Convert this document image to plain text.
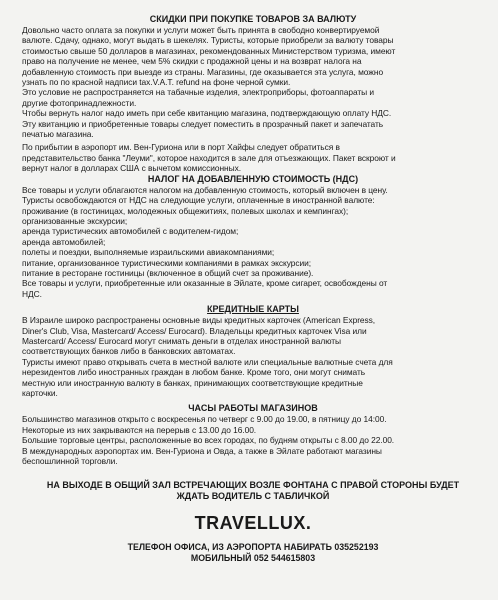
СКИДКИ ПРИ ПОКУПКЕ ТОВАРОВ ЗА ВАЛЮТУ

Довольно часто оплата за покупки и услуги может быть принята в свободно конвертируемой

валюте. Сдачу, однако, могут выдать в шекелях. Туристы, которые приобрели за валюту товары

стоимостью свыше 50 долларов в магазинах, рекомендованных Министерством туризма, имеют

право на получение не менее, чем 5% скидки с продажной цены и на возврат налога на

добавленную стоимость при выезде из страны. Магазины, где оказывается эта услуга, можно

узнать по по красной надписи tax.V.A.T. refund на фоне черной сумки.

Это условие не распространяется на табачные изделия, электроприборы, фотоаппараты и

другие фотопринадлежности.

Чтобы вернуть налог надо иметь при себе квитанцию магазина, подтверждающую оплату НДС.

Эту квитанцию и приобретенные товары следует поместить в прозрачный пакет и запечатать

печатью магазина.

По прибытии в аэропорт им. Вен-Гуриона или в порт Хайфы следует обратиться в

представительство банка "Леуми", которое находится в зале для отъезжающих. Пакет вскроют и

вернут налог в долларах США с вычетом комиссионных.

НАЛОГ НА ДОБАВЛЕННУЮ СТОИМОСТЬ (НДС)

Все товары и услуги облагаются налогом на добавленную стоимость, который включен в цену.

Туристы освобождаются от НДС на следующие услуги, оплаченные в иностранной валюте:

проживание (в гостиницах, молодежных общежитиях, полевых школах и кемпингах);

организованные экскурсии;

аренда туристических автомобилей с водителем-гидом;

аренда автомобилей;

полеты и поездки, выполняемые израильскими авиакомпаниями;

питание, организованное туристическими компаниями в рамках экскурсии;

питание в ресторане гостиницы (включенное в общий счет за проживание).

Все товары и услуги, приобретенные или оказанные в Эйлате, кроме сигарет, освобождены от

НДС.

КРЕДИТНЫЕ КАРТЫ

В Израиле широко распространены основные виды кредитных карточек (American Express,

Diner's Club, Visa, Mastercard/ Access/ Eurocard). Владельцы кредитных карточек Visa или

Mastercard/ Access/ Eurocard могут снимать деньги в отделах иностранной валюты

соответствующих банков либо в банковских автоматах.

Туристы имеют право открывать счета в местной валюте или специальные валютные счета для

нерезидентов либо иностранных граждан в любом банке. Кроме того, они могут снимать

местную или иностранную валюту в банках, принимающих соответствующие кредитные

карточки.

ЧАСЫ РАБОТЫ МАГАЗИНОВ

Большинство магазинов открыто с воскресенья по четверг с 9.00 до 19.00, в пятницу до 14:00.

Некоторые из них закрываются на перерыв с 13.00 до 16.00.

Большие торговые центры, расположенные во всех городах, по будням открыты с 8.00 до 22.00.

В международных аэропортах им. Вен-Гуриона и Овда, а также в Эйлате работают магазины

беспошлинной торговли.

НА ВЫХОДЕ В ОБЩИЙ ЗАЛ ВСТРЕЧАЮЩИХ ВОЗЛЕ ФОНТАНА С ПРАВОЙ СТОРОНЫ БУДЕТ
ЖДАТЬ ВОДИТЕЛЬ С ТАБЛИЧКОЙ
TRAVELLUX.
ТЕЛЕФОН ОФИСА, ИЗ АЭРОПОРТА НАБИРАТЬ 035252193
МОБИЛЬНЫЙ 052 544615803
